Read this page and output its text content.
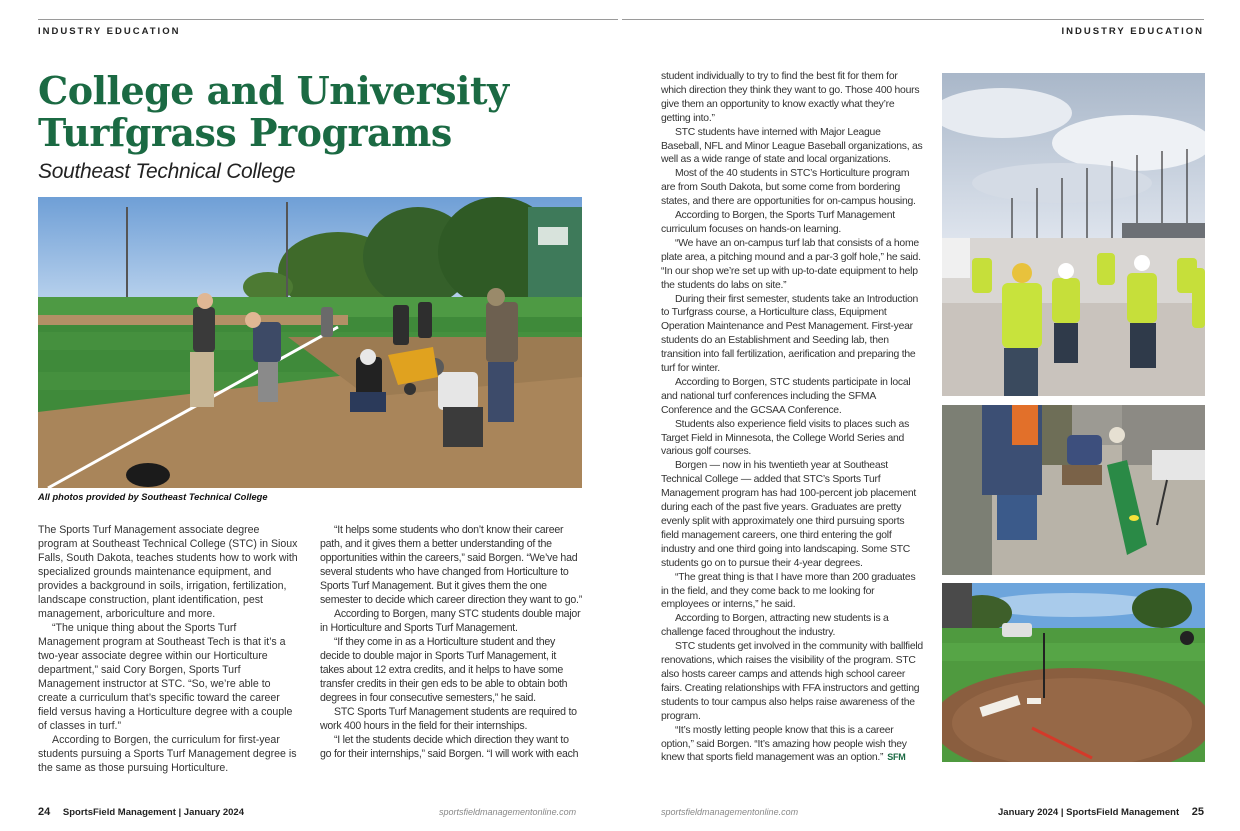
INDUSTRY EDUCATION	INDUSTRY EDUCATION
College and University
Turfgrass Programs
Southeast Technical College
All photos provided by Southeast Technical College

The Sports Turf Management associate degree program at Southeast Technical College (STC) in Sioux Falls, South Dakota, teaches students how to work with specialized grounds maintenance equipment, and provides a background in soils, irrigation, fertilization, landscape construction, plant identification, pest management, arboriculture and more.

“The unique thing about the Sports Turf Management program at Southeast Tech is that it’s a two-year associate degree within our Horticulture department,” said Cory Borgen, Sports Turf Management instructor at STC. “So, we’re able to create a curriculum that’s specific toward the career field versus having a Horticulture degree with a couple of classes in turf.”

According to Borgen, the curriculum for first-year students pursuing a Sports Turf Management degree is the same as those pursuing Horticulture.

“It helps some students who don’t know their career path, and it gives them a better understanding of the opportunities within the careers,” said Borgen. “We’ve had several students who have changed from Horticulture to Sports Turf Management. But it gives them the one semester to decide which career direction they want to go.”

According to Borgen, many STC students double major in Horticulture and Sports Turf Management.

“If they come in as a Horticulture student and they decide to double major in Sports Turf Management, it takes about 12 extra credits, and it helps to have some transfer credits in their gen eds to be able to obtain both degrees in four consecutive semesters,” he said.

STC Sports Turf Management students are required to work 400 hours in the field for their internships.

“I let the students decide which direction they want to go for their internships,” said Borgen. “I will work with each

student individually to try to find the best fit for them for which direction they think they want to go. Those 400 hours give them an opportunity to know exactly what they’re getting into.”

STC students have interned with Major League Baseball, NFL and Minor League Baseball organizations, as well as a wide range of state and local organizations.

Most of the 40 students in STC’s Horticulture program are from South Dakota, but some come from bordering states, and there are opportunities for on-campus housing.

According to Borgen, the Sports Turf Management curriculum focuses on hands-on learning.

“We have an on-campus turf lab that consists of a home plate area, a pitching mound and a par-3 golf hole,” he said. “In our shop we’re set up with up-to-date equipment to help the students do labs on site.”

During their first semester, students take an Introduction to Turfgrass course, a Horticulture class, Equipment Operation Maintenance and Pest Management. First-year students do an Establishment and Seeding lab, then transition into fall fertilization, aerification and preparing the turf for winter.

According to Borgen, STC students participate in local and national turf conferences including the SFMA Conference and the GCSAA Conference.

Students also experience field visits to places such as Target Field in Minnesota, the College World Series and various golf courses.

Borgen — now in his twentieth year at Southeast Technical College — added that STC’s Sports Turf Management program has had 100-percent job placement during each of the past five years. Graduates are pretty evenly split with approximately one third pursuing sports field management careers, one third entering the golf industry and one third going into landscaping. Some STC students go on to pursue their 4-year degrees.

“The great thing is that I have more than 200 graduates in the field, and they come back to me looking for employees or interns,” he said.

According to Borgen, attracting new students is a challenge faced throughout the industry.

STC students get involved in the community with ballfield renovations, which raises the visibility of the program. STC also hosts career camps and attends high school career fairs. Creating relationships with FFA instructors and getting students to tour campus also helps raise awareness of the program.

“It’s mostly letting people know that this is a career option,” said Borgen. “It’s amazing how people wish they knew that sports field management was an option.” SFM

24 SportsField Management | January 2024	sportsfieldmanagementonline.com	sportsfieldmanagementonline.com	January 2024 | SportsField Management 25
